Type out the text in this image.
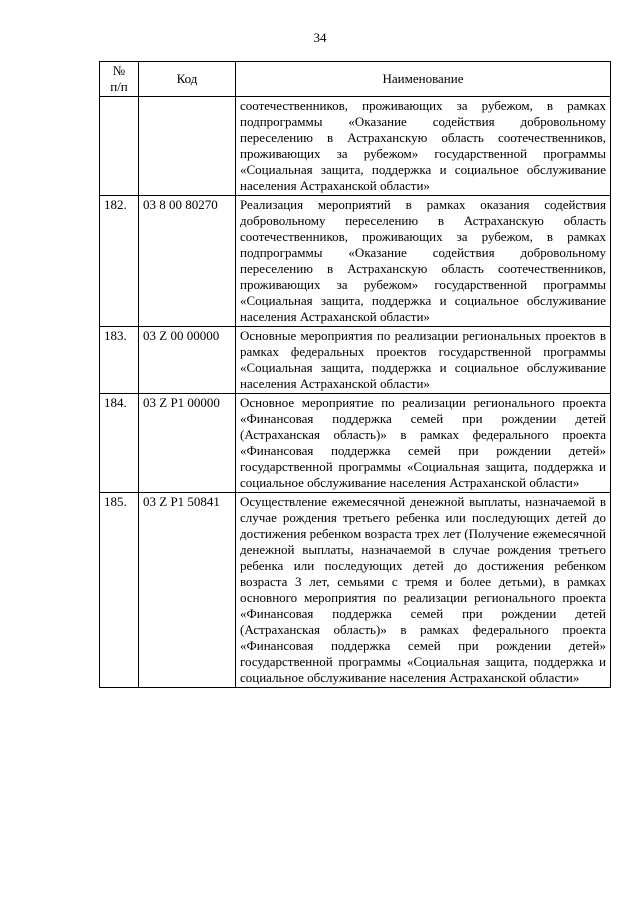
34
№
п/п	Код	Наименование
		соотечественников, проживающих за рубежом, в рамках подпрограммы «Оказание содействия добровольному переселению в Астраханскую область соотечественников, проживающих за рубежом» государственной программы «Социальная защита, поддержка и социальное обслуживание населения Астраханской области»
182.	03 8 00 80270	Реализация мероприятий в рамках оказания содействия добровольному переселению в Астраханскую область соотечественников, проживающих за рубежом, в рамках подпрограммы «Оказание содействия добровольному переселению в Астраханскую область соотечественников, проживающих за рубежом» государственной программы «Социальная защита, поддержка и социальное обслуживание населения Астраханской области»
183.	03 Z 00 00000	Основные мероприятия по реализации региональных проектов в рамках федеральных проектов государственной программы «Социальная защита, поддержка и социальное обслуживание населения Астраханской области»
184.	03 Z P1 00000	Основное мероприятие по реализации регионального проекта «Финансовая поддержка семей при рождении детей (Астраханская область)» в рамках федерального проекта «Финансовая поддержка семей при рождении детей» государственной программы «Социальная защита, поддержка и социальное обслуживание населения Астраханской области»
185.	03 Z P1 50841	Осуществление ежемесячной денежной выплаты, назначаемой в случае рождения третьего ребенка или последующих детей до достижения ребенком возраста трех лет (Получение ежемесячной денежной выплаты, назначаемой в случае рождения третьего ребенка или последующих детей до достижения ребенком возраста 3 лет, семьями с тремя и более детьми), в рамках основного мероприятия по реализации регионального проекта «Финансовая поддержка семей при рождении детей (Астраханская область)» в рамках федерального проекта «Финансовая поддержка семей при рождении детей» государственной программы «Социальная защита, поддержка и социальное обслуживание населения Астраханской области»
